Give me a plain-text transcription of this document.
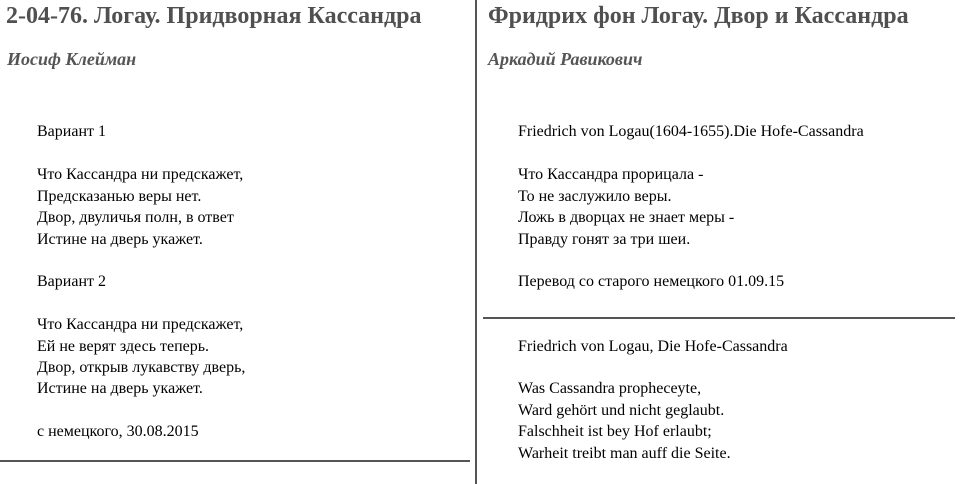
2-04-76. Логау. Придворная Кассандра
Иосиф Клейман
Вариант 1
Что Кассандра ни предскажет,
Предсказанью веры нет.
Двор, двуличья полн, в ответ
Истине на дверь укажет.
Вариант 2
Что Кассандра ни предскажет,
Ей не верят здесь теперь.
Двор, открыв лукавству дверь,
Истине на дверь укажет.
с немецкого, 30.08.2015
Фридрих фон Логау. Двор и Кассандра
Аркадий Равикович
Friedrich von Logau(1604-1655).Die Hofe-Cassandra
Что Кассандра прорицала -
То не заслужило веры.
Ложь в дворцах не знает меры -
Правду гонят за три шеи.
Перевод со старого немецкого 01.09.15
Friedrich von Logau, Die Hofe-Cassandra
Was Cassandra propheceyte,
Ward gehört und nicht geglaubt.
Falschheit ist bey Hof erlaubt;
Warheit treibt man auff die Seite.
